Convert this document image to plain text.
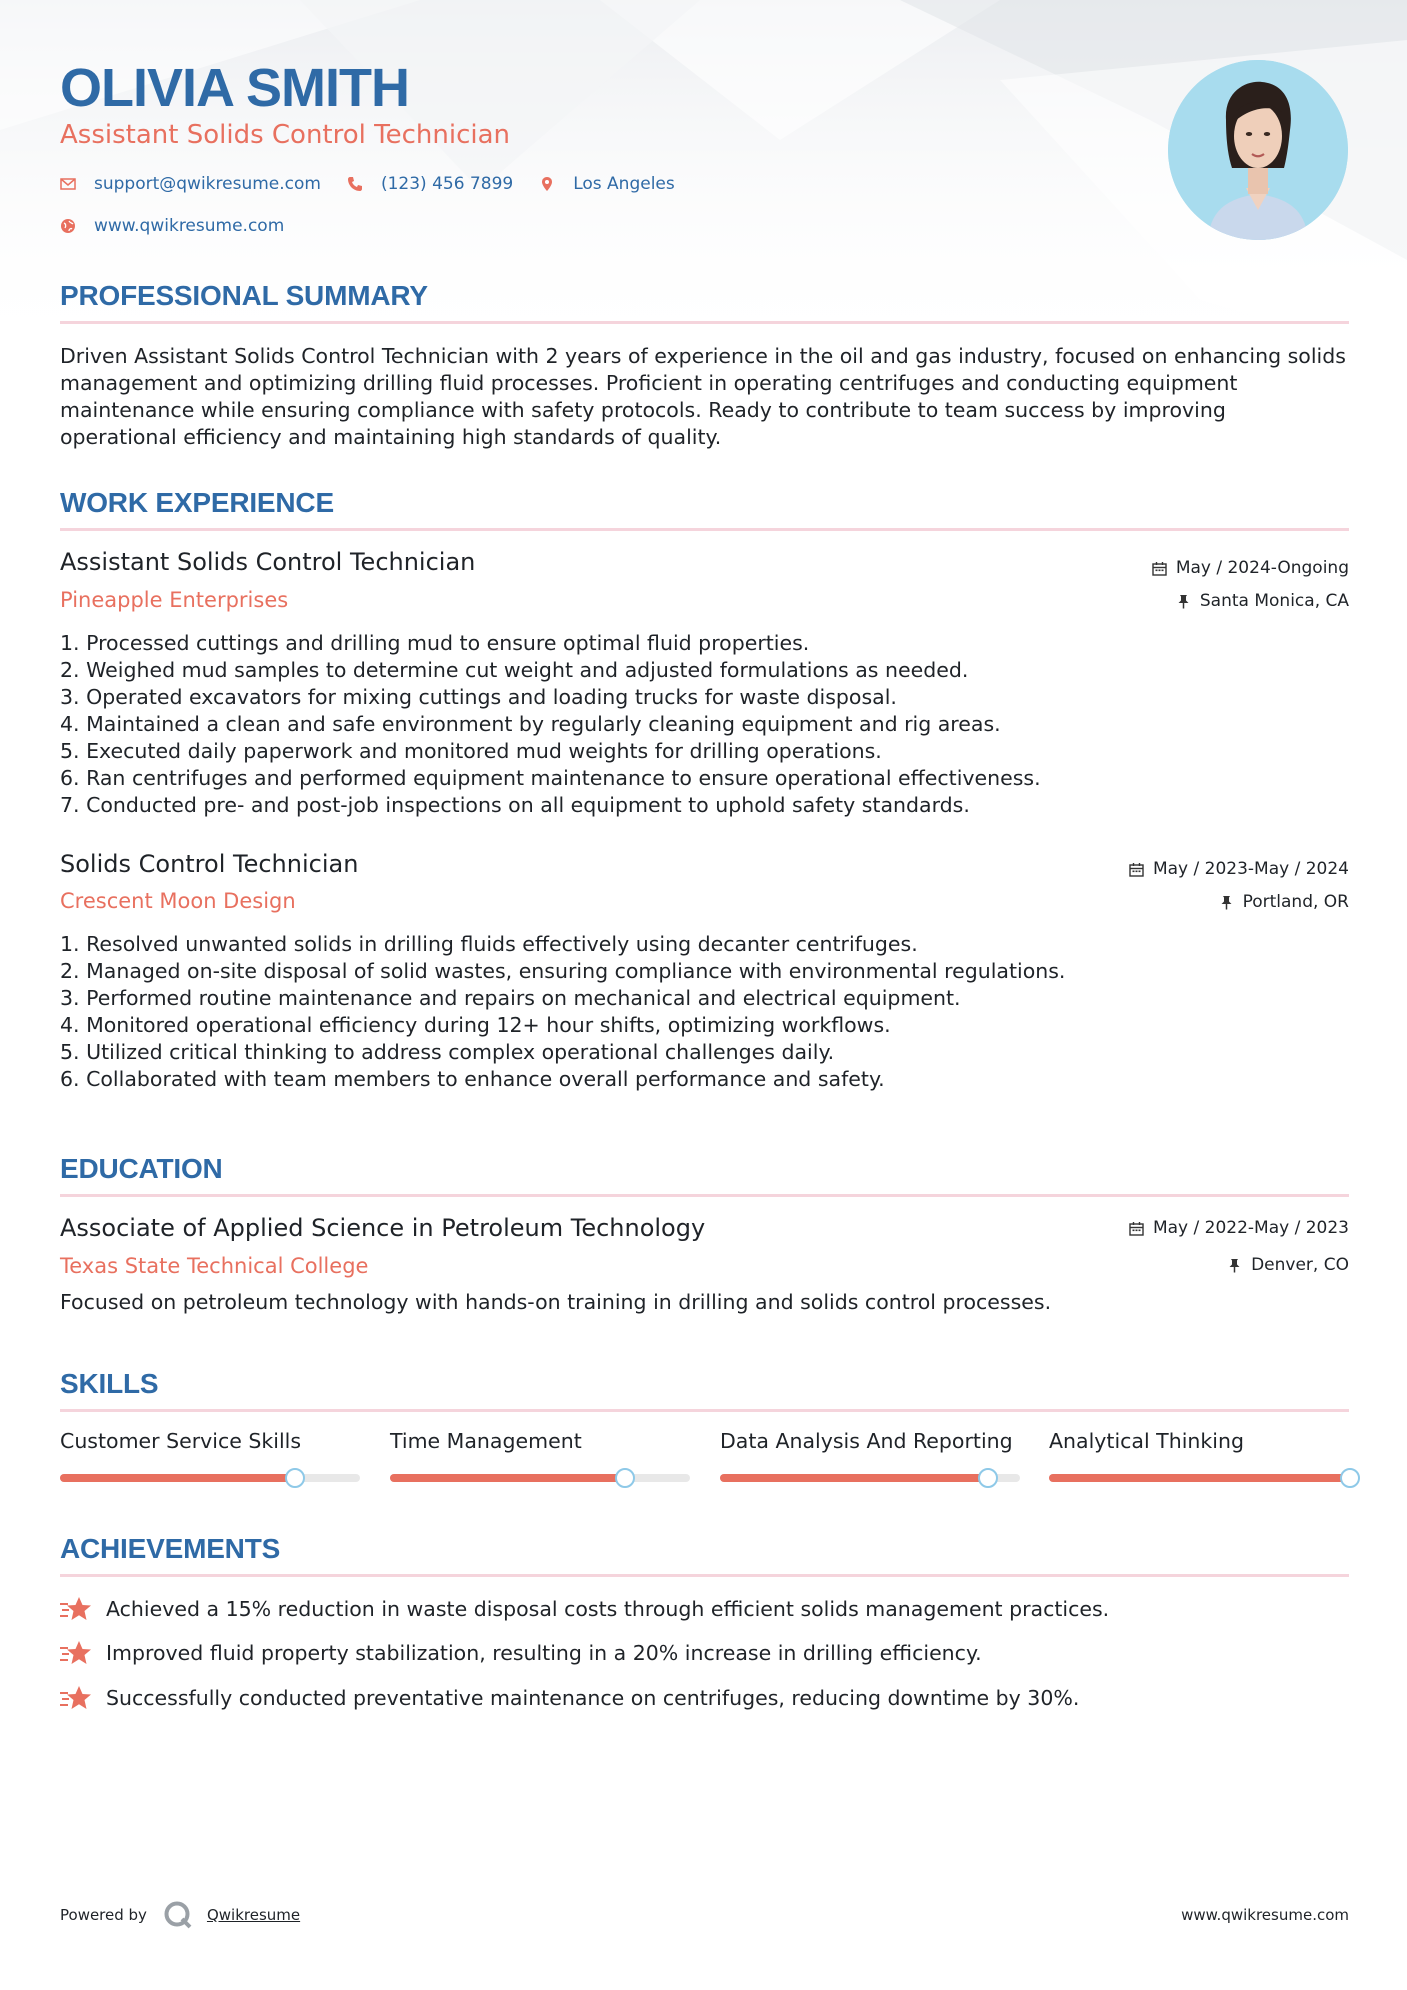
OLIVIA SMITH
Assistant Solids Control Technician
support@qwikresume.com	(123) 456 7899	Los Angeles
www.qwikresume.com
PROFESSIONAL SUMMARY
Driven Assistant Solids Control Technician with 2 years of experience in the oil and gas industry, focused on enhancing solids management and optimizing drilling fluid processes. Proficient in operating centrifuges and conducting equipment maintenance while ensuring compliance with safety protocols. Ready to contribute to team success by improving operational efficiency and maintaining high standards of quality.
WORK EXPERIENCE
Assistant Solids Control Technician
Pineapple Enterprises
May / 2024-Ongoing
Santa Monica, CA
1. Processed cuttings and drilling mud to ensure optimal fluid properties.
2. Weighed mud samples to determine cut weight and adjusted formulations as needed.
3. Operated excavators for mixing cuttings and loading trucks for waste disposal.
4. Maintained a clean and safe environment by regularly cleaning equipment and rig areas.
5. Executed daily paperwork and monitored mud weights for drilling operations.
6. Ran centrifuges and performed equipment maintenance to ensure operational effectiveness.
7. Conducted pre- and post-job inspections on all equipment to uphold safety standards.
Solids Control Technician
Crescent Moon Design
May / 2023-May / 2024
Portland, OR
1. Resolved unwanted solids in drilling fluids effectively using decanter centrifuges.
2. Managed on-site disposal of solid wastes, ensuring compliance with environmental regulations.
3. Performed routine maintenance and repairs on mechanical and electrical equipment.
4. Monitored operational efficiency during 12+ hour shifts, optimizing workflows.
5. Utilized critical thinking to address complex operational challenges daily.
6. Collaborated with team members to enhance overall performance and safety.
EDUCATION
Associate of Applied Science in Petroleum Technology
Texas State Technical College
May / 2022-May / 2023
Denver, CO
Focused on petroleum technology with hands-on training in drilling and solids control processes.
SKILLS
Customer Service Skills	Time Management	Data Analysis And Reporting	Analytical Thinking
ACHIEVEMENTS
Achieved a 15% reduction in waste disposal costs through efficient solids management practices.
Improved fluid property stabilization, resulting in a 20% increase in drilling efficiency.
Successfully conducted preventative maintenance on centrifuges, reducing downtime by 30%.
Powered by	Qwikresume	www.qwikresume.com
